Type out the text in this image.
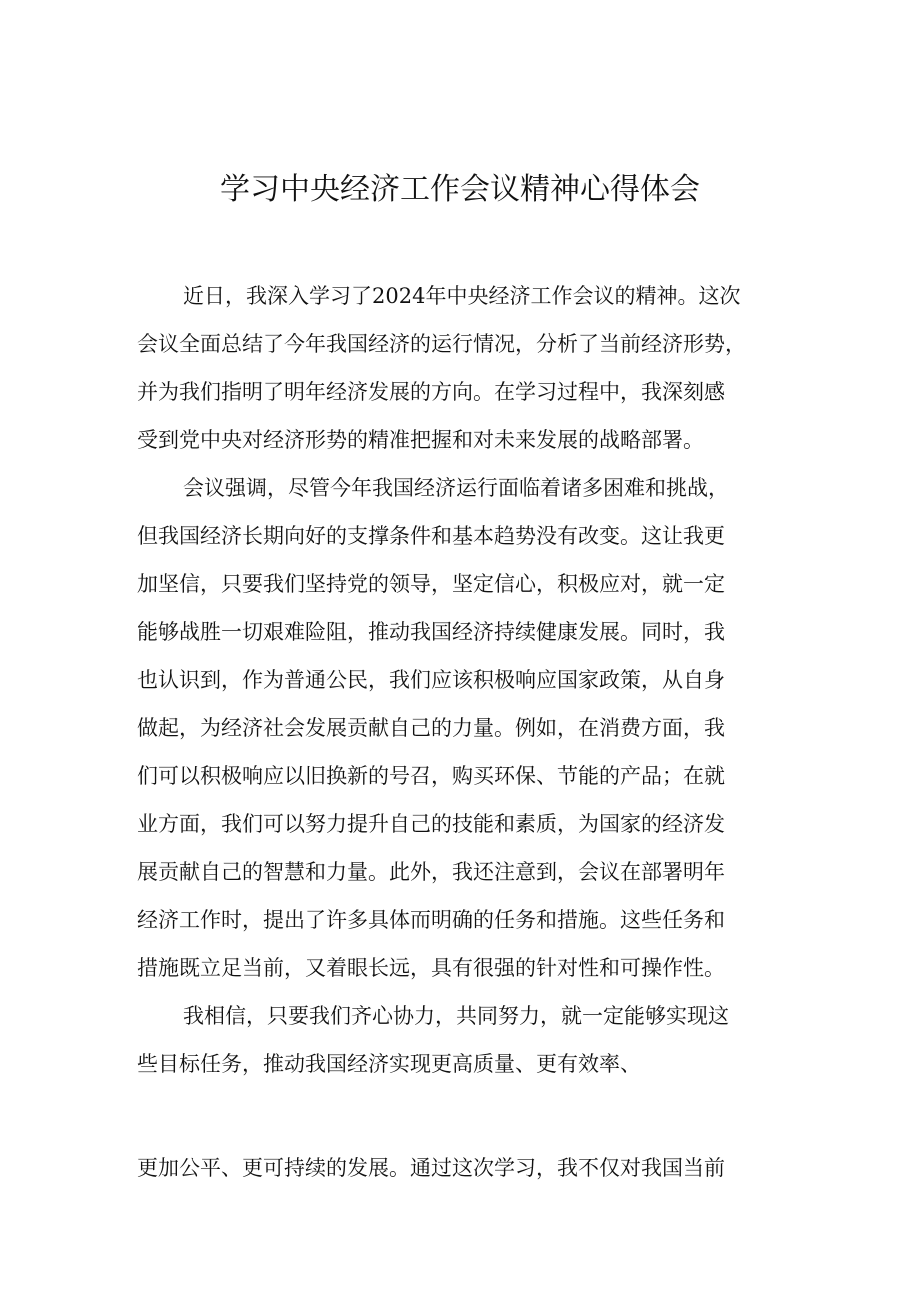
学习中央经济工作会议精神心得体会
近日，我深入学习了2024年中央经济工作会议的精神。这次
会议全面总结了今年我国经济的运行情况，分析了当前经济形势，
并为我们指明了明年经济发展的方向。在学习过程中，我深刻感
受到党中央对经济形势的精准把握和对未来发展的战略部署。
会议强调，尽管今年我国经济运行面临着诸多困难和挑战，
但我国经济长期向好的支撑条件和基本趋势没有改变。这让我更
加坚信，只要我们坚持党的领导，坚定信心，积极应对，就一定
能够战胜一切艰难险阻，推动我国经济持续健康发展。同时，我
也认识到，作为普通公民，我们应该积极响应国家政策，从自身
做起，为经济社会发展贡献自己的力量。例如，在消费方面，我
们可以积极响应以旧换新的号召，购买环保、节能的产品；在就
业方面，我们可以努力提升自己的技能和素质，为国家的经济发
展贡献自己的智慧和力量。此外，我还注意到，会议在部署明年
经济工作时，提出了许多具体而明确的任务和措施。这些任务和
措施既立足当前，又着眼长远，具有很强的针对性和可操作性。
我相信，只要我们齐心协力，共同努力，就一定能够实现这
些目标任务，推动我国经济实现更高质量、更有效率、
更加公平、更可持续的发展。通过这次学习，我不仅对我国当前
